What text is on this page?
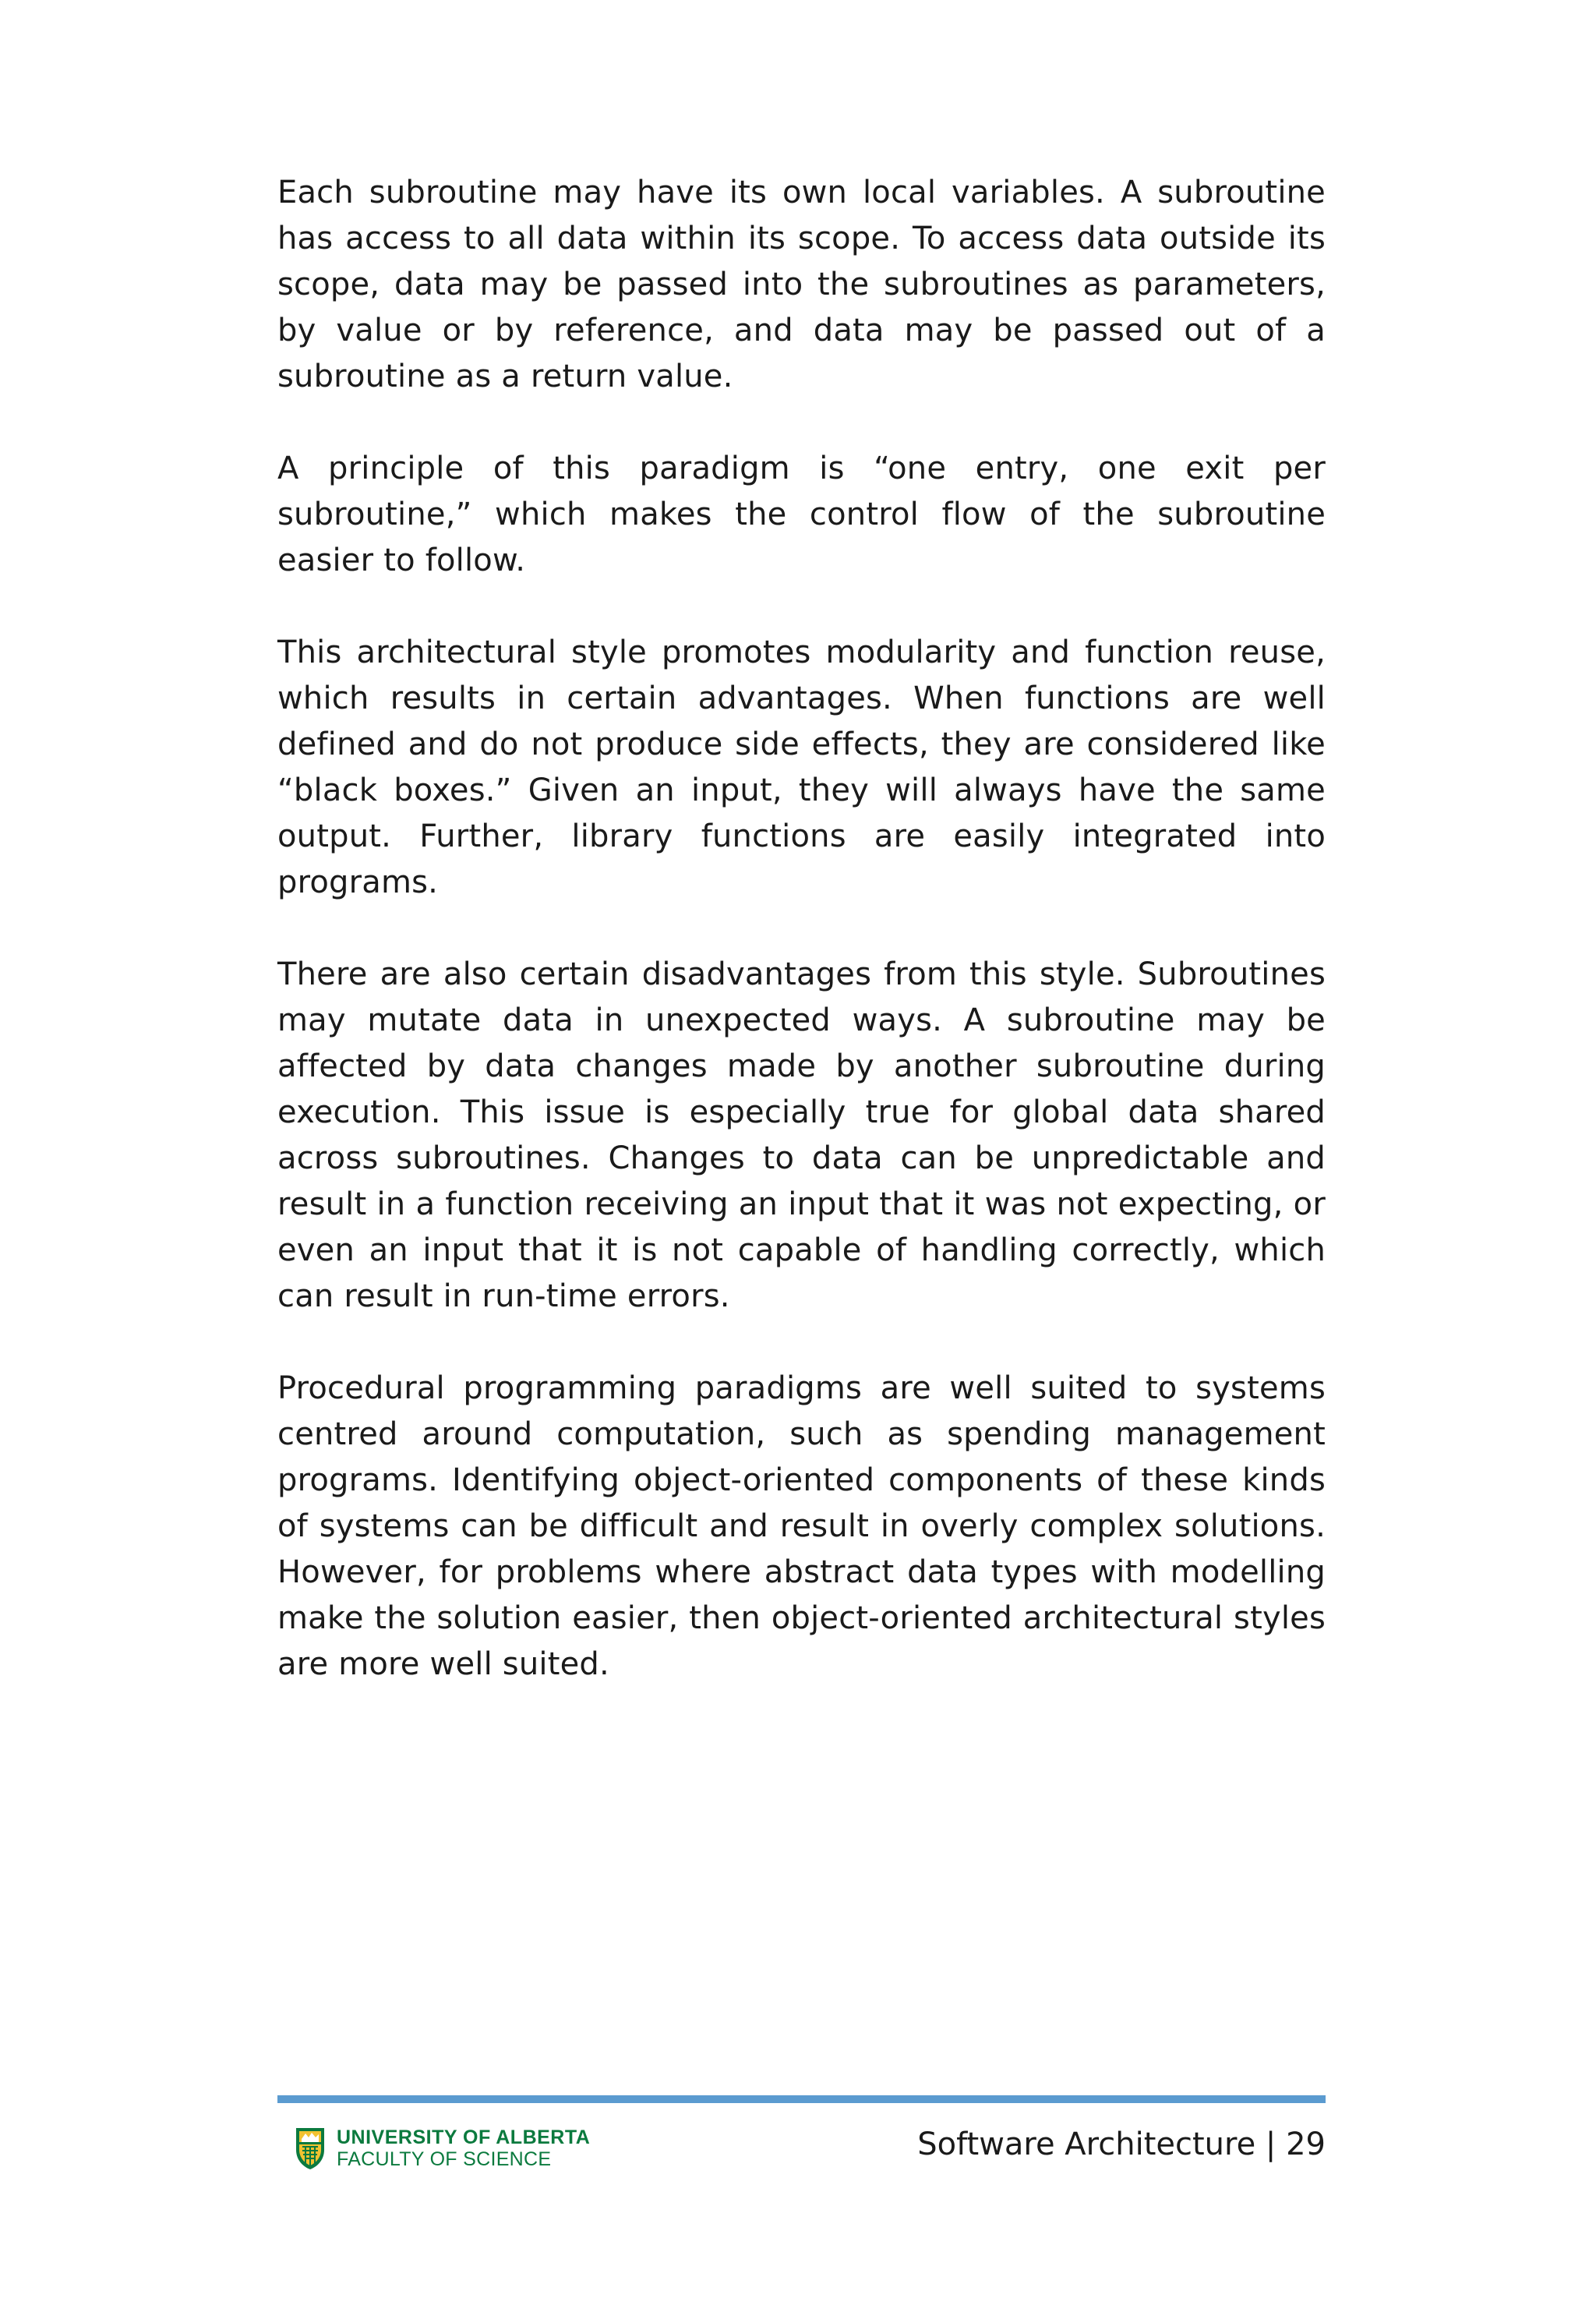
Each subroutine may have its own local variables. A subroutine has access to all data within its scope. To access data outside its scope, data may be passed into the subroutines as parameters, by value or by reference, and data may be passed out of a subroutine as a return value.

A principle of this paradigm is “one entry, one exit per subroutine,” which makes the control flow of the subroutine easier to follow.

This architectural style promotes modularity and function reuse, which results in certain advantages. When functions are well defined and do not produce side effects, they are considered like “black boxes.” Given an input, they will always have the same output. Further, library functions are easily integrated into programs.

There are also certain disadvantages from this style. Subroutines may mutate data in unexpected ways. A subroutine may be affected by data changes made by another subroutine during execution. This issue is especially true for global data shared across subroutines. Changes to data can be unpredictable and result in a function receiving an input that it was not expecting, or even an input that it is not capable of handling correctly, which can result in run-time errors.

Procedural programming paradigms are well suited to systems centred around computation, such as spending management programs. Identifying object-oriented components of these kinds of systems can be difficult and result in overly complex solutions. However, for problems where abstract data types with modelling make the solution easier, then object-oriented architectural styles are more well suited.

UNIVERSITY OF ALBERTA
FACULTY OF SCIENCE	Software Architecture | 29
